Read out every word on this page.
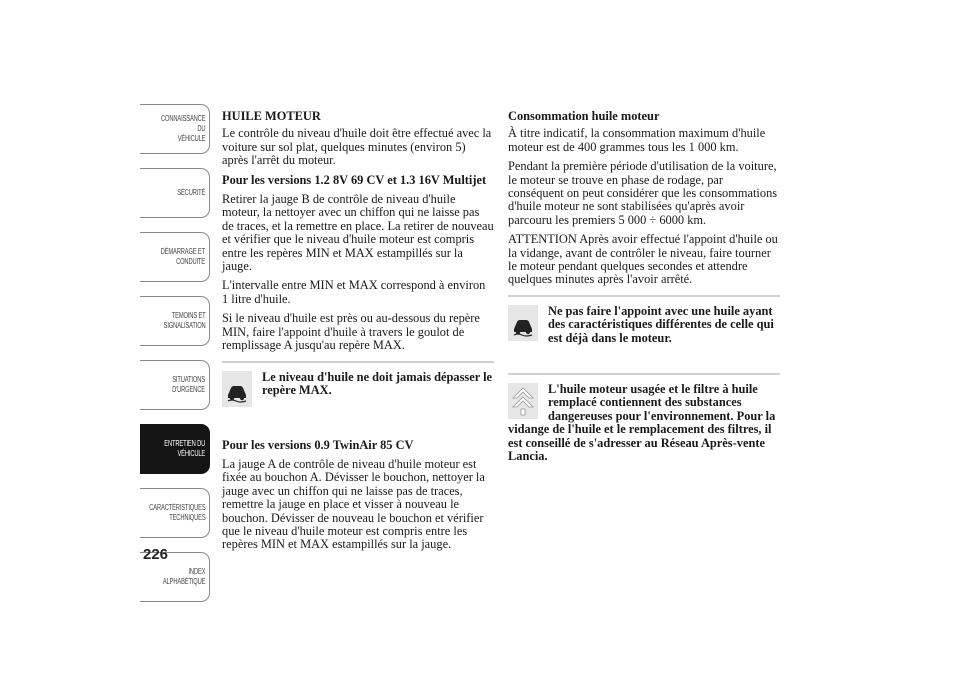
CONNAISSANCE DU
VÉHICULE
SÉCURITÉ
DÉMARRAGE ET
CONDUITE
TEMOINS ET
SIGNALISATION
SITUATIONS
D'URGENCE
ENTRETIEN DU
VÉHICULE
CARACTÉRISTIQUES
TECHNIQUES
INDEX
ALPHABÉTIQUE
226

HUILE MOTEUR

Le contrôle du niveau d'huile doit être effectué avec la voiture sur sol plat, quelques minutes (environ 5) après l'arrêt du moteur.

Pour les versions 1.2 8V 69 CV et 1.3 16V Multijet

Retirer la jauge B de contrôle de niveau d'huile moteur, la nettoyer avec un chiffon qui ne laisse pas de traces, et la remettre en place. La retirer de nouveau et vérifier que le niveau d'huile moteur est compris entre les repères MIN et MAX estampillés sur la jauge.

L'intervalle entre MIN et MAX correspond à environ 1 litre d'huile.

Si le niveau d'huile est près ou au-dessous du repère MIN, faire l'appoint d'huile à travers le goulot de remplissage A jusqu'au repère MAX.

Le niveau d'huile ne doit jamais dépasser le repère MAX.

Pour les versions 0.9 TwinAir 85 CV

La jauge A de contrôle de niveau d'huile moteur est fixée au bouchon A. Dévisser le bouchon, nettoyer la jauge avec un chiffon qui ne laisse pas de traces, remettre la jauge en place et visser à nouveau le bouchon. Dévisser de nouveau le bouchon et vérifier que le niveau d'huile moteur est compris entre les repères MIN et MAX estampillés sur la jauge.

Consommation huile moteur

À titre indicatif, la consommation maximum d'huile moteur est de 400 grammes tous les 1 000 km.

Pendant la première période d'utilisation de la voiture, le moteur se trouve en phase de rodage, par conséquent on peut considérer que les consommations d'huile moteur ne sont stabilisées qu'après avoir parcouru les premiers 5 000 ÷ 6000 km.

ATTENTION Après avoir effectué l'appoint d'huile ou la vidange, avant de contrôler le niveau, faire tourner le moteur pendant quelques secondes et attendre quelques minutes après l'avoir arrêté.

Ne pas faire l'appoint avec une huile ayant des caractéristiques différentes de celle qui est déjà dans le moteur.
L'huile moteur usagée et le filtre à huile remplacé contiennent des substances dangereuses pour l'environnement. Pour la vidange de l'huile et le remplacement des filtres, il est conseillé de s'adresser au Réseau Après-vente Lancia.
